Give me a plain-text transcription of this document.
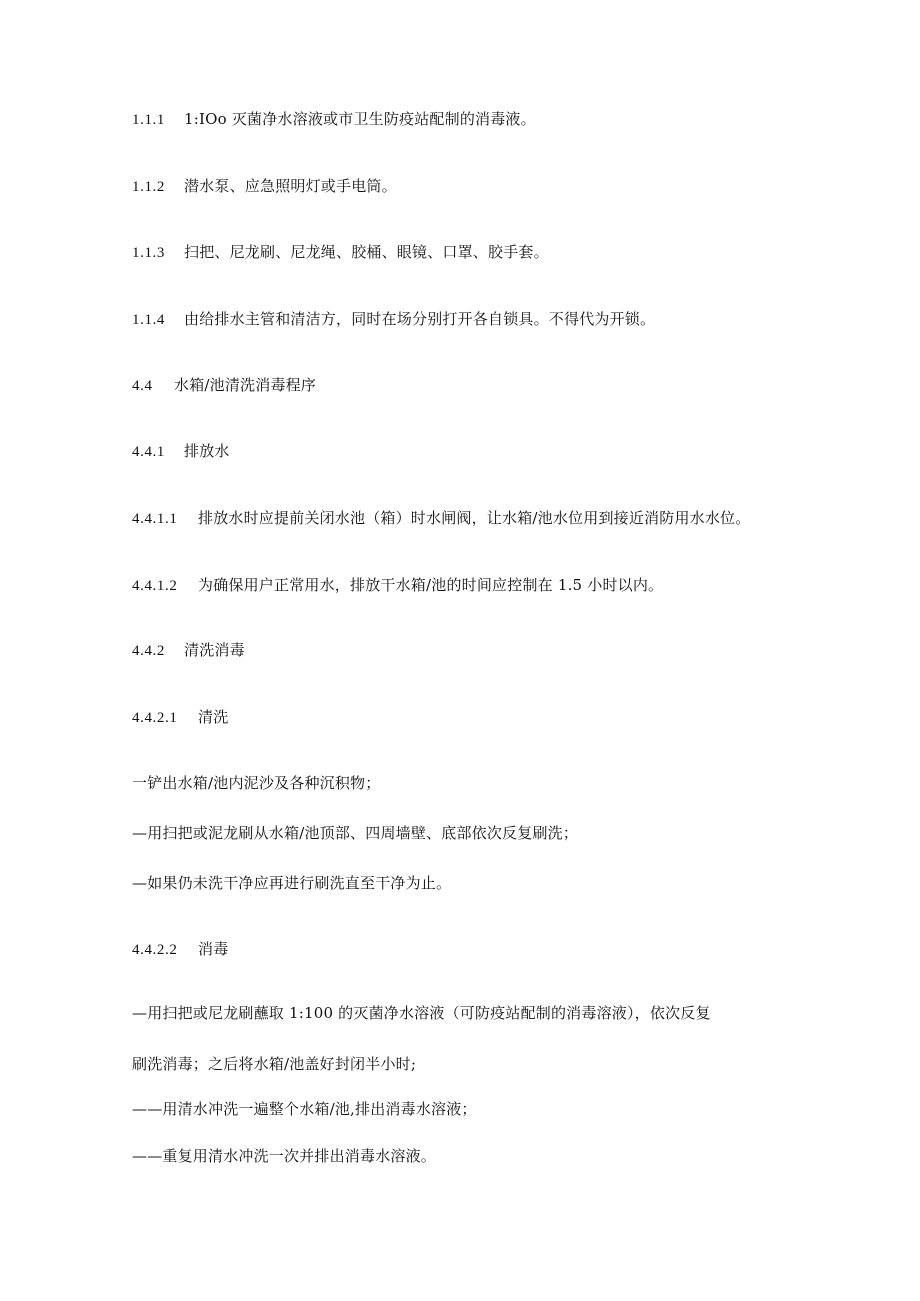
1.1.1 1:IOo 灭菌净水溶液或市卫生防疫站配制的消毒液。
1.1.2 潜水泵、应急照明灯或手电筒。
1.1.3 扫把、尼龙刷、尼龙绳、胶桶、眼镜、口罩、胶手套。
1.1.4 由给排水主管和清洁方，同时在场分别打开各自锁具。不得代为开锁。
4.4 水箱/池清洗消毒程序
4.4.1 排放水
4.4.1.1 排放水时应提前关闭水池（箱）时水闸阀，让水箱/池水位用到接近消防用水水位。
4.4.1.2 为确保用户正常用水，排放干水箱/池的时间应控制在 1.5 小时以内。
4.4.2 清洗消毒
4.4.2.1 清洗
一铲出水箱/池内泥沙及各种沉积物；
—用扫把或泥龙刷从水箱/池顶部、四周墙壁、底部依次反复刷洗；
—如果仍未洗干净应再进行刷洗直至干净为止。
4.4.2.2 消毒
—用扫把或尼龙刷蘸取 1:100 的灭菌净水溶液（可防疫站配制的消毒溶液），依次反复
刷洗消毒；之后将水箱/池盖好封闭半小时;
——用清水冲洗一遍整个水箱/池,排出消毒水溶液；
——重复用清水冲洗一次并排出消毒水溶液。
